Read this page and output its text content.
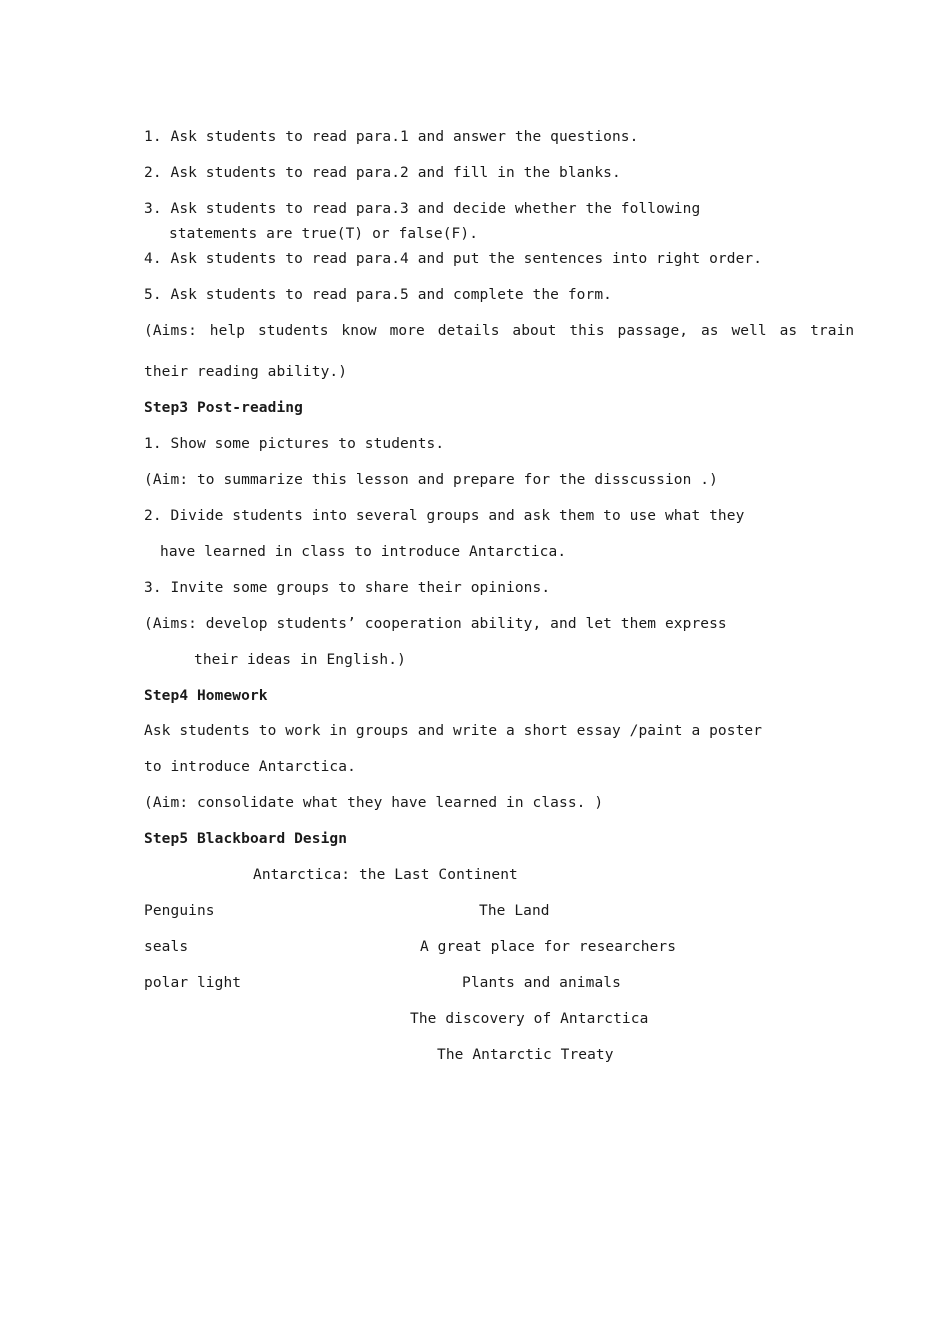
1. Ask students to read para.1 and answer the questions.
2. Ask students to read para.2 and fill in the blanks.
3. Ask students to read para.3 and decide whether the following
statements are true(T) or false(F).
4. Ask students to read para.4 and put the sentences into right order.
5. Ask students to read para.5 and complete the form.
(Aims: help students know more details about this passage, as well as train
their reading ability.)
Step3 Post-reading
1. Show some pictures to students.
(Aim: to summarize this lesson and prepare for the disscussion .)
2. Divide students into several groups and ask them to use what they
have learned in class to introduce Antarctica.
3. Invite some groups to share their opinions.
(Aims: develop students’ cooperation ability, and let them express
their ideas in English.)
Step4 Homework
Ask students to work in groups and write a short essay /paint a poster
to introduce Antarctica.
(Aim: consolidate what they have learned in class. )
Step5 Blackboard Design
Antarctica: the Last Continent
Penguins
seals
polar light
The Land
A great place for researchers
Plants and animals
The discovery of Antarctica
The Antarctic Treaty
